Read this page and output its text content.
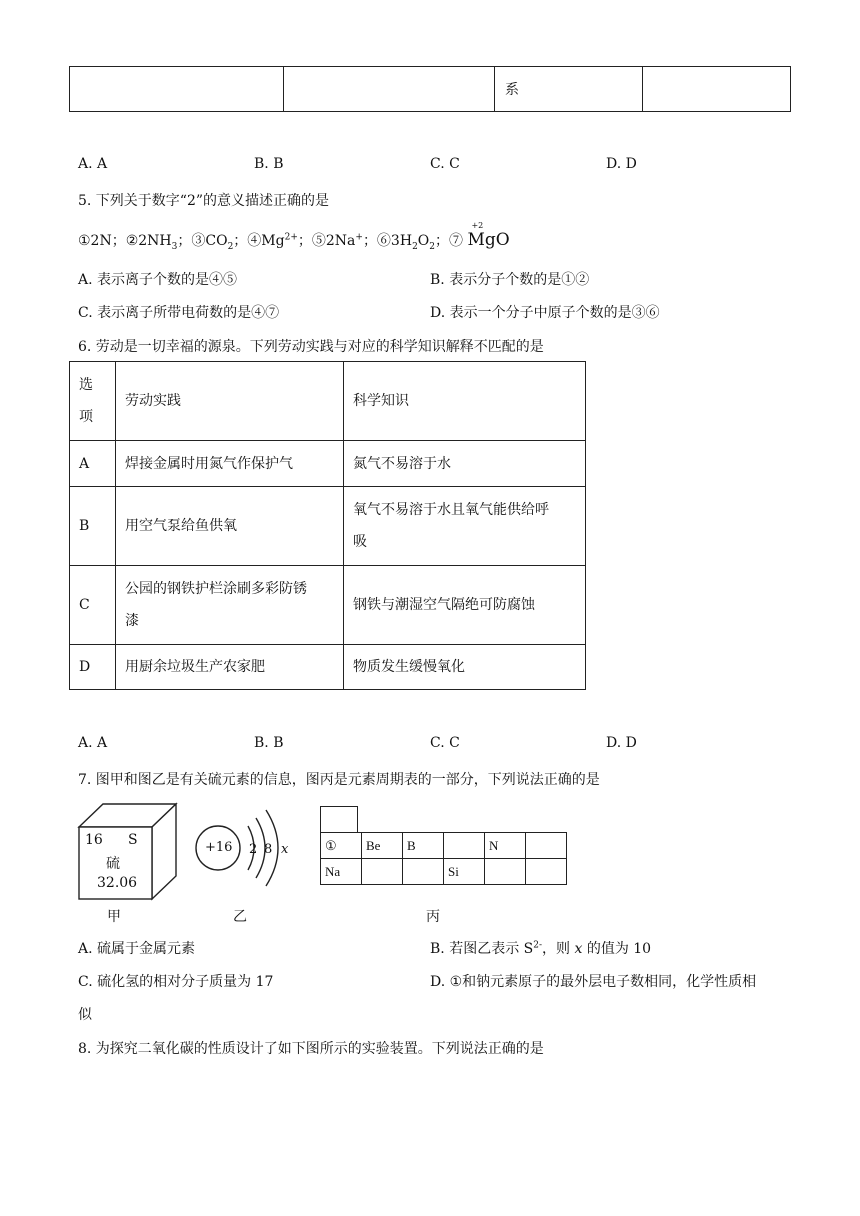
		系	
A. A	B. B	C. C	D. D
5. 下列关于数字“2”的意义描述正确的是
①2N；$②2NH_3$；$③CO_2$；$④Mg^{2+}$；⑤2Na+；$⑥3H_2O_2$；⑦
+2
MgO
A. 表示离子个数的是④⑤	B. 表示分子个数的是①②
C. 表示离子所带电荷数的是④⑦	D. 表示一个分子中原子个数的是③⑥
6. 劳动是一切幸福的源泉。下列劳动实践与对应的科学知识解释不匹配的是
选
项	劳动实践	科学知识
A	焊接金属时用氮气作保护气	氮气不易溶于水

B	用空气泵给鱼供氧	氧气不易溶于水且氧气能供给呼
吸

C	公园的钢铁护栏涂刷多彩防锈
漆	钢铁与潮湿空气隔绝可防腐蚀

D	用厨余垃圾生产农家肥	物质发生缓慢氧化
A. A	B. B	C. C	D. D
7. 图甲和图乙是有关硫元素的信息，图丙是元素周期表的一部分，下列说法正确的是
16 S
硫
32.06
甲
+16 2 8 x
乙
①	Be	B		N	
Na			Si		
丙
A. 硫属于金属元素	B. 若图乙表示 $S^{2-}$，则 x 的值为 10
C. 硫化氢的相对分子质量为 17	D. ①和钠元素原子的最外层电子数相同，化学性质相
似
8. 为探究二氧化碳的性质设计了如下图所示的实验装置。下列说法正确的是
